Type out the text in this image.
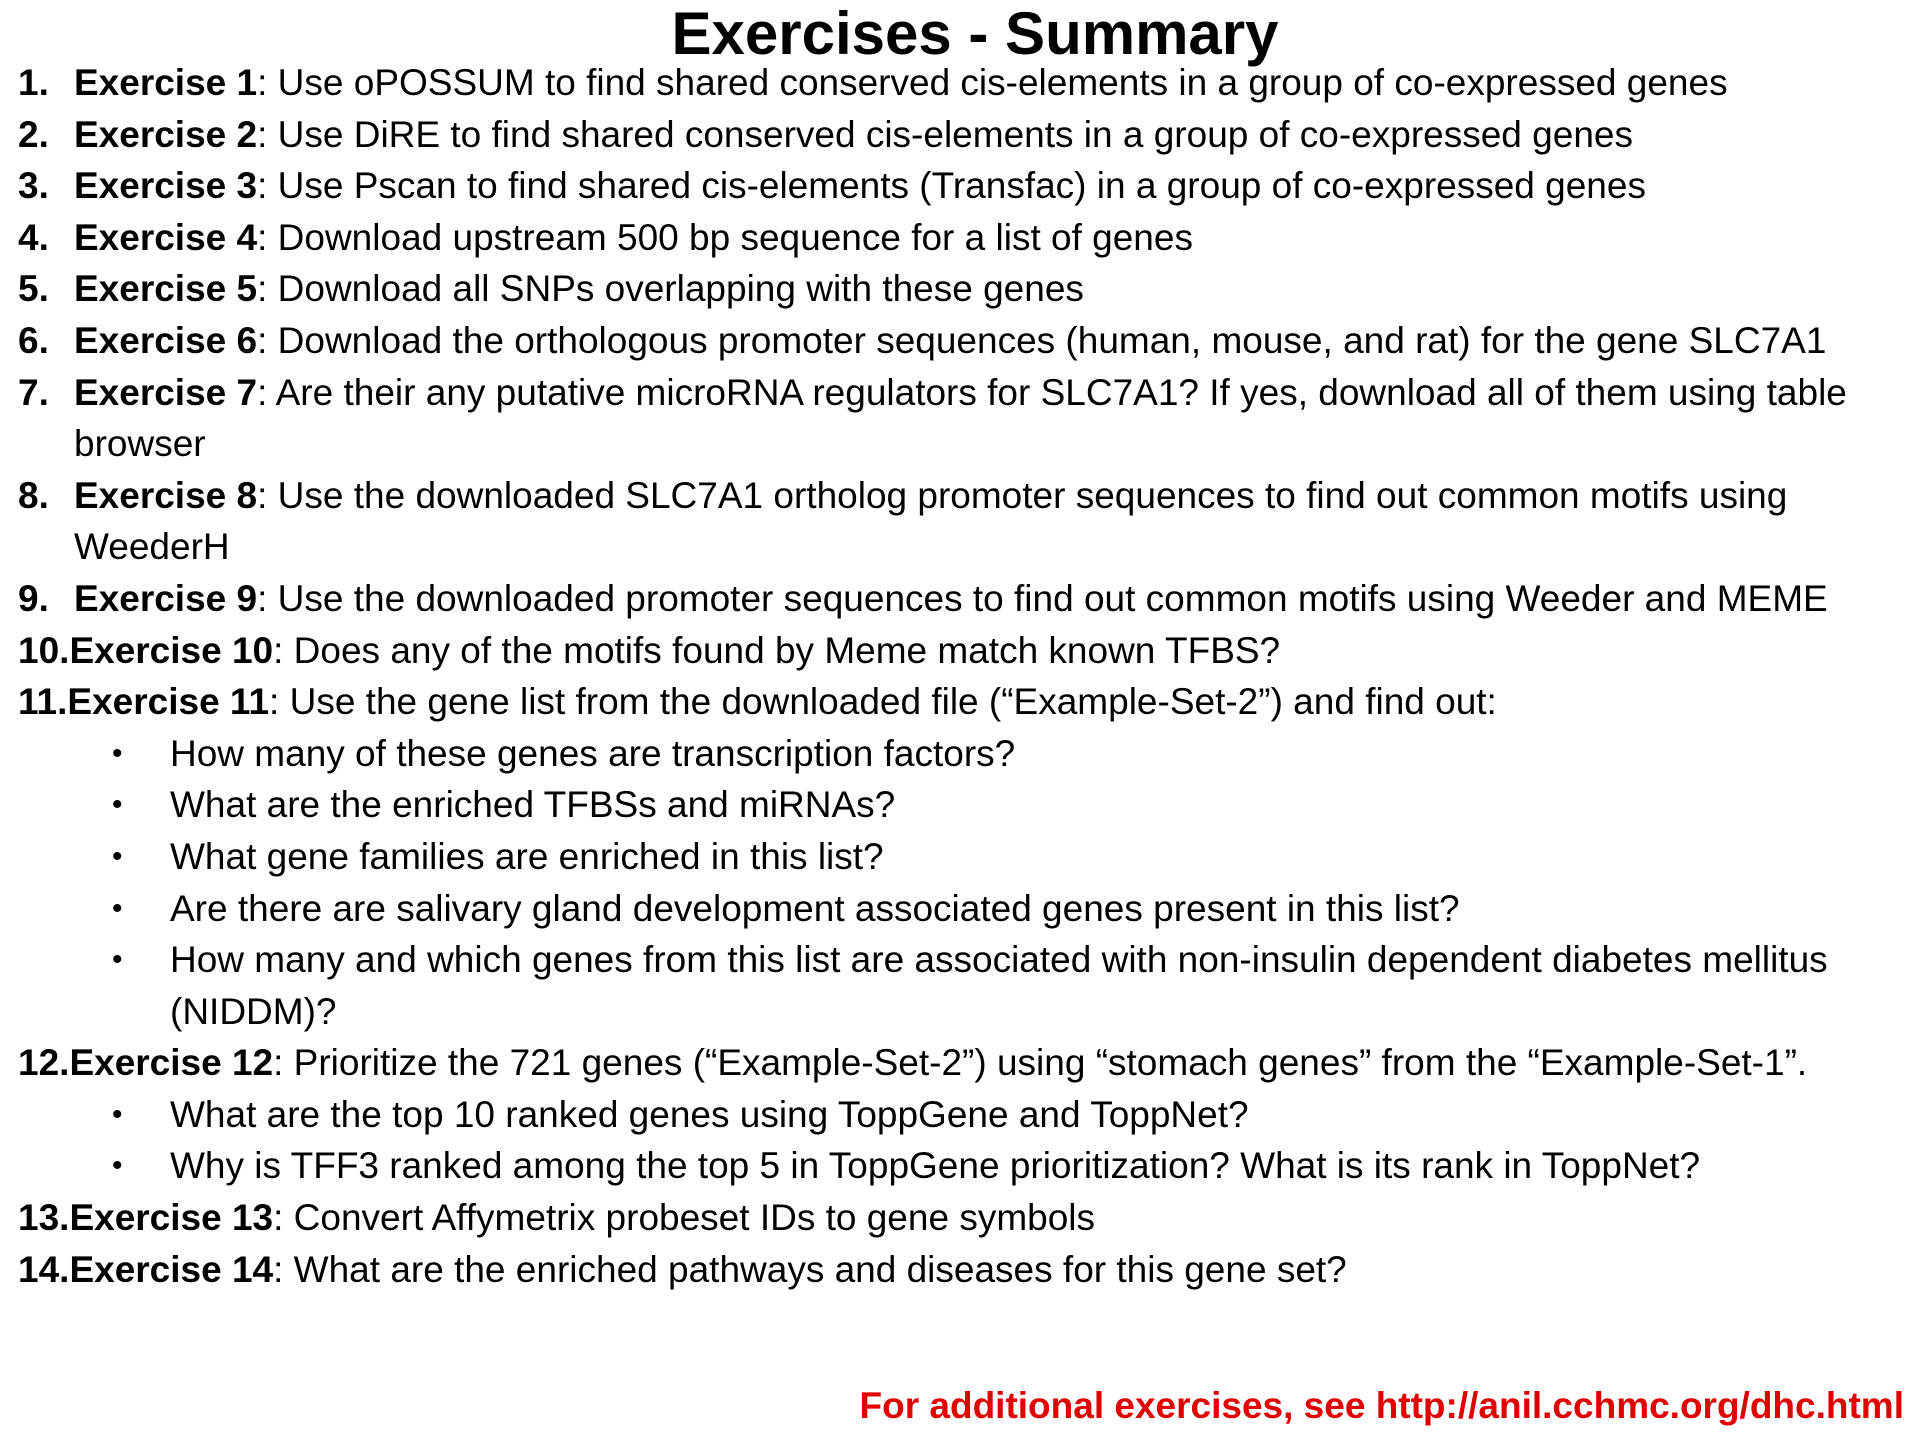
Exercises - Summary
1. Exercise 1: Use oPOSSUM to find shared conserved cis-elements in a group of co-expressed genes
2. Exercise 2: Use DiRE to find shared conserved cis-elements in a group of co-expressed genes
3. Exercise 3: Use Pscan to find shared cis-elements (Transfac) in a group of co-expressed genes
4. Exercise 4: Download upstream 500 bp sequence for a list of genes
5. Exercise 5: Download all SNPs overlapping with these genes
6. Exercise 6: Download the orthologous promoter sequences (human, mouse, and rat) for the gene SLC7A1
7. Exercise 7: Are their any putative microRNA regulators for SLC7A1? If yes, download all of them using table browser
8. Exercise 8: Use the downloaded SLC7A1 ortholog promoter sequences to find out common motifs using WeederH
9. Exercise 9: Use the downloaded promoter sequences to find out common motifs using Weeder and MEME
10. Exercise 10: Does any of the motifs found by Meme match known TFBS?
11. Exercise 11: Use the gene list from the downloaded file (“Example-Set-2”) and find out:
•	How many of these genes are transcription factors?
•	What are the enriched TFBSs and miRNAs?
•	What gene families are enriched in this list?
•	Are there are salivary gland development associated genes present in this list?
•	How many and which genes from this list are associated with non-insulin dependent diabetes mellitus (NIDDM)?
12. Exercise 12: Prioritize the 721 genes (“Example-Set-2”) using “stomach genes” from the “Example-Set-1”.
•	What are the top 10 ranked genes using ToppGene and ToppNet?
•	Why is TFF3 ranked among the top 5 in ToppGene prioritization? What is its rank in ToppNet?
13. Exercise 13: Convert Affymetrix probeset IDs to gene symbols
14. Exercise 14: What are the enriched pathways and diseases for this gene set?
For additional exercises, see http://anil.cchmc.org/dhc.html
